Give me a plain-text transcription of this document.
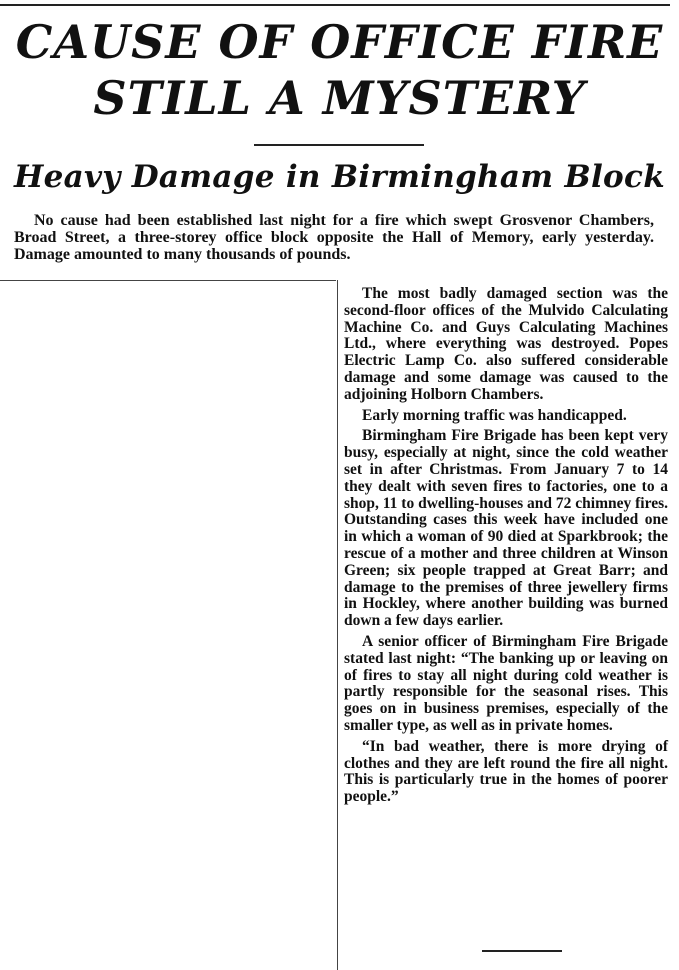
CAUSE OF OFFICE FIRE
STILL A MYSTERY
Heavy Damage in Birmingham Block

No cause had been established last night for a fire which swept Grosvenor Chambers, Broad Street, a three-storey office block opposite the Hall of Memory, early yesterday. Damage amounted to many thousands of pounds.

The most badly damaged section was the second-floor offices of the Mulvido Calculating Machine Co. and Guys Calculating Machines Ltd., where everything was destroyed. Popes Electric Lamp Co. also suffered considerable damage and some damage was caused to the adjoining Holborn Chambers.

Early morning traffic was handicapped.

Birmingham Fire Brigade has been kept very busy, especially at night, since the cold weather set in after Christmas. From January 7 to 14 they dealt with seven fires to factories, one to a shop, 11 to dwelling-houses and 72 chimney fires. Outstanding cases this week have included one in which a woman of 90 died at Sparkbrook; the rescue of a mother and three children at Winson Green; six people trapped at Great Barr; and damage to the premises of three jewellery firms in Hockley, where another building was burned down a few days earlier.

A senior officer of Birmingham Fire Brigade stated last night: “The banking up or leaving on of fires to stay all night during cold weather is partly responsible for the seasonal rises. This goes on in business premises, especially of the smaller type, as well as in private homes.

“In bad weather, there is more drying of clothes and they are left round the fire all night. This is particularly true in the homes of poorer people.”
